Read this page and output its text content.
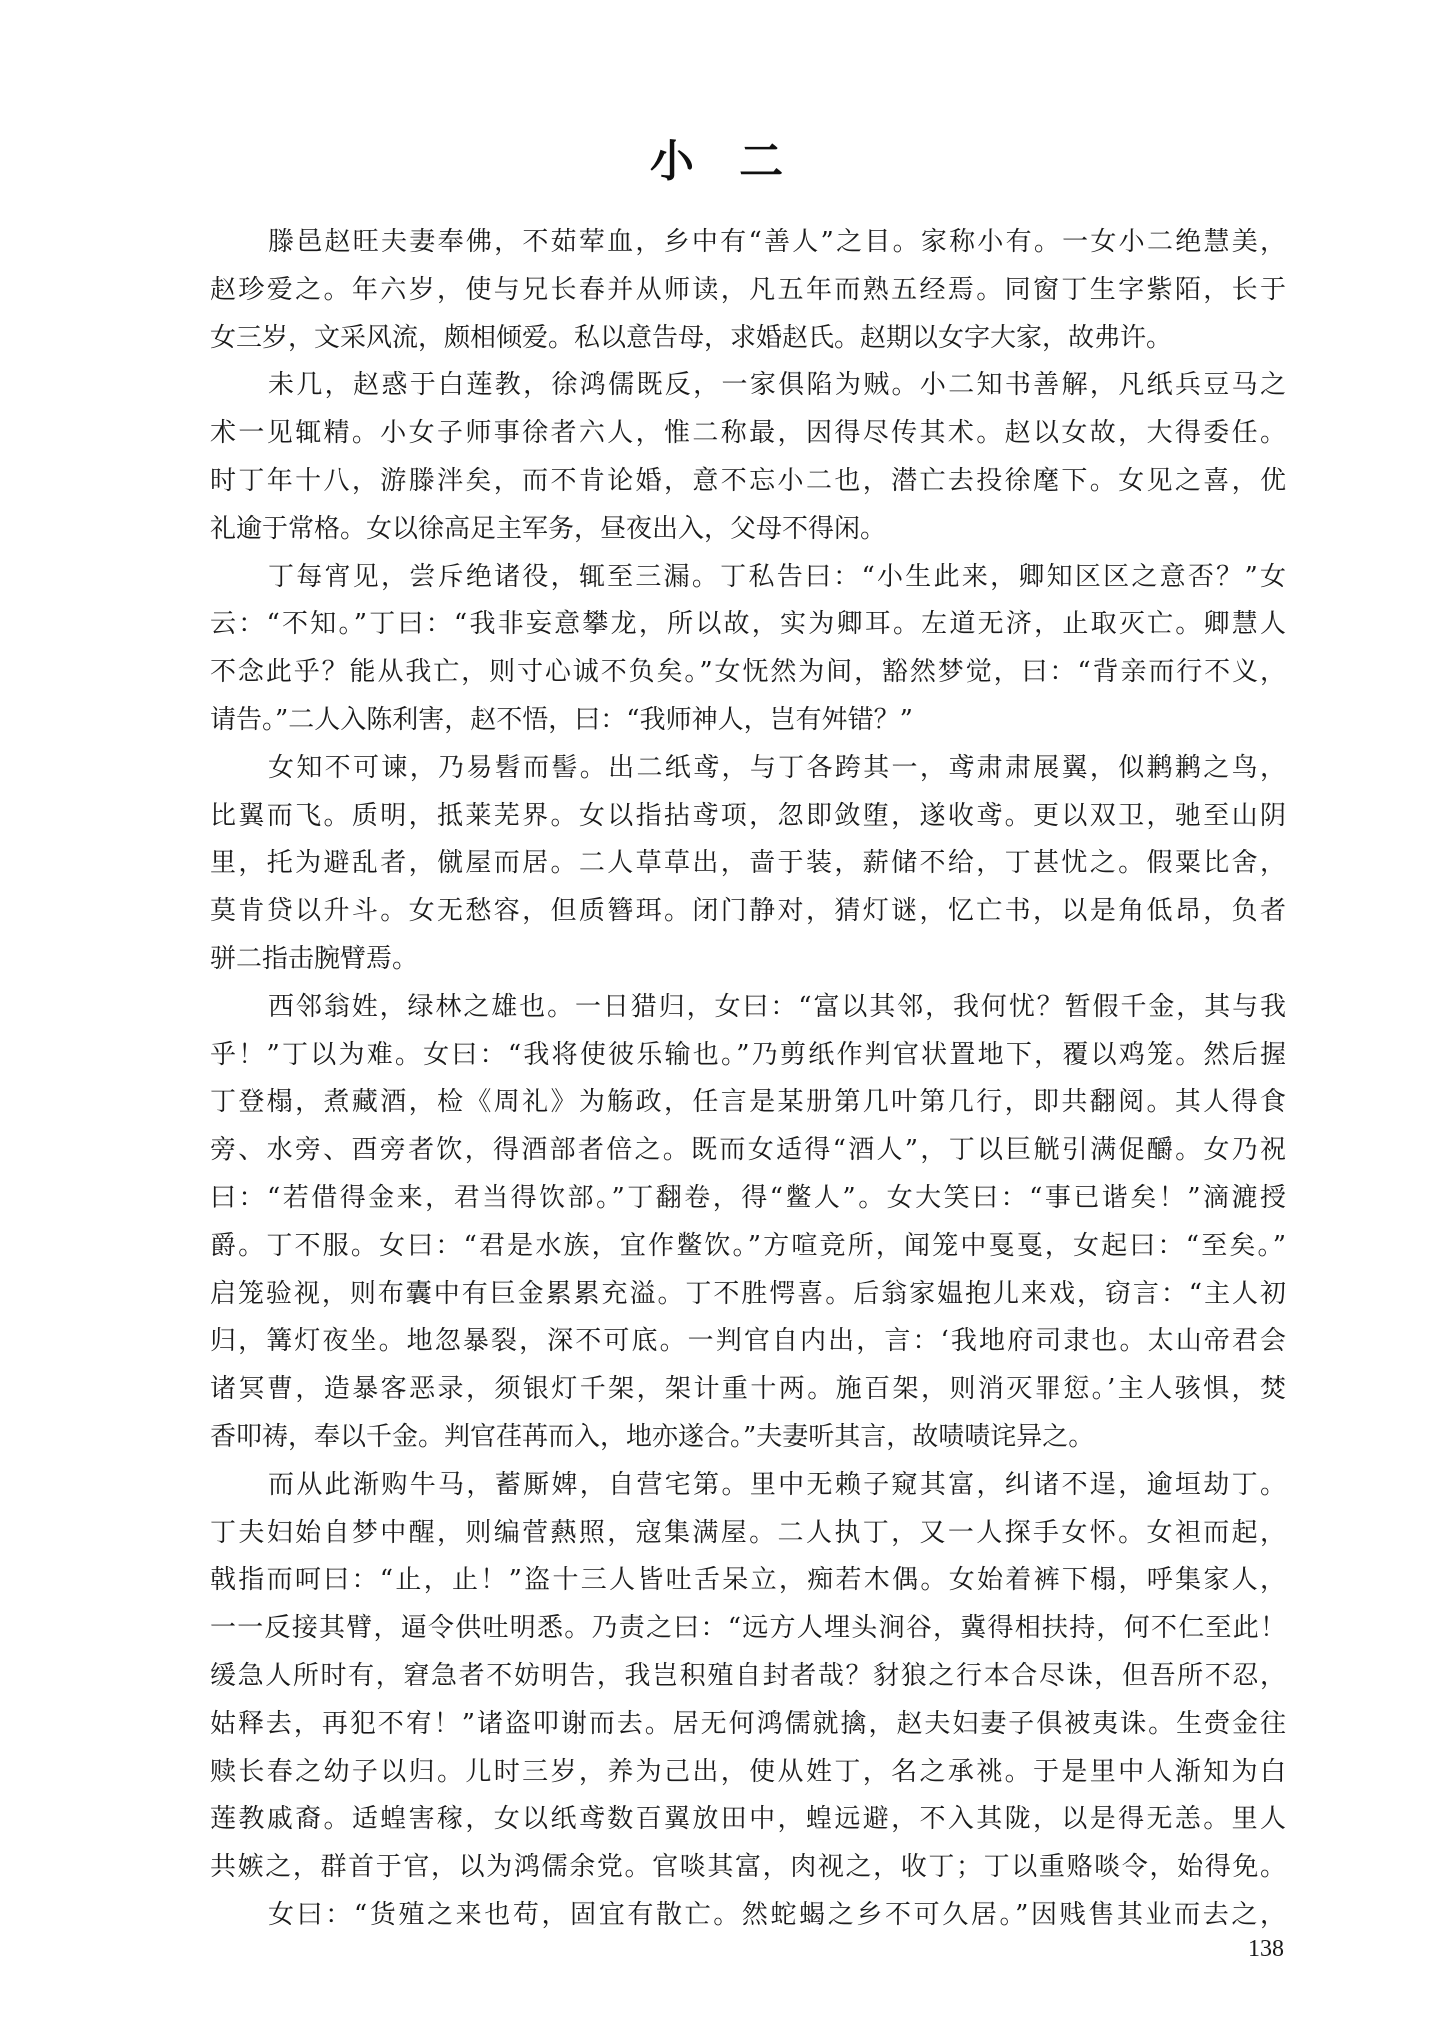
小 二
滕邑赵旺夫妻奉佛，不茹荤血，乡中有“善人”之目。家称小有。一女小二绝慧美，
赵珍爱之。年六岁，使与兄长春并从师读，凡五年而熟五经焉。同窗丁生字紫陌，长于
女三岁，文采风流，颇相倾爱。私以意告母，求婚赵氏。赵期以女字大家，故弗许。
未几，赵惑于白莲教，徐鸿儒既反，一家俱陷为贼。小二知书善解，凡纸兵豆马之
术一见辄精。小女子师事徐者六人，惟二称最，因得尽传其术。赵以女故，大得委任。
时丁年十八，游滕泮矣，而不肯论婚，意不忘小二也，潜亡去投徐麾下。女见之喜，优
礼逾于常格。女以徐高足主军务，昼夜出入，父母不得闲。
丁每宵见，尝斥绝诸役，辄至三漏。丁私告曰：“小生此来，卿知区区之意否？”女
云：“不知。”丁曰：“我非妄意攀龙，所以故，实为卿耳。左道无济，止取灭亡。卿慧人
不念此乎？能从我亡，则寸心诚不负矣。”女怃然为间，豁然梦觉，曰：“背亲而行不义，
请告。”二人入陈利害，赵不悟，曰：“我师神人，岂有舛错？”
女知不可谏，乃易髫而髻。出二纸鸢，与丁各跨其一，鸢肃肃展翼，似鹣鹣之鸟，
比翼而飞。质明，抵莱芜界。女以指拈鸢项，忽即敛堕，遂收鸢。更以双卫，驰至山阴
里，托为避乱者，僦屋而居。二人草草出，啬于装，薪储不给，丁甚忧之。假粟比舍，
莫肯贷以升斗。女无愁容，但质簪珥。闭门静对，猜灯谜，忆亡书，以是角低昂，负者
骈二指击腕臂焉。
西邻翁姓，绿林之雄也。一日猎归，女曰：“富以其邻，我何忧？暂假千金，其与我
乎！”丁以为难。女曰：“我将使彼乐输也。”乃剪纸作判官状置地下，覆以鸡笼。然后握
丁登榻，煮藏酒，检《周礼》为觞政，任言是某册第几叶第几行，即共翻阅。其人得食
旁、水旁、酉旁者饮，得酒部者倍之。既而女适得“酒人”，丁以巨觥引满促釂。女乃祝
曰：“若借得金来，君当得饮部。”丁翻卷，得“鳖人”。女大笑曰：“事已谐矣！”滴漉授
爵。丁不服。女曰：“君是水族，宜作鳖饮。”方喧竞所，闻笼中戛戛，女起曰：“至矣。”
启笼验视，则布囊中有巨金累累充溢。丁不胜愕喜。后翁家媪抱儿来戏，窃言：“主人初
归，篝灯夜坐。地忽暴裂，深不可底。一判官自内出，言：‘我地府司隶也。太山帝君会
诸冥曹，造暴客恶录，须银灯千架，架计重十两。施百架，则消灭罪愆。’主人骇惧，焚
香叩祷，奉以千金。判官荏苒而入，地亦遂合。”夫妻听其言，故啧啧诧异之。
而从此渐购牛马，蓄厮婢，自营宅第。里中无赖子窥其富，纠诸不逞，逾垣劫丁。
丁夫妇始自梦中醒，则编菅爇照，寇集满屋。二人执丁，又一人探手女怀。女袒而起，
戟指而呵曰：“止，止！”盗十三人皆吐舌呆立，痴若木偶。女始着裤下榻，呼集家人，
一一反接其臂，逼令供吐明悉。乃责之曰：“远方人埋头涧谷，冀得相扶持，何不仁至此！
缓急人所时有，窘急者不妨明告，我岂积殖自封者哉？豺狼之行本合尽诛，但吾所不忍，
姑释去，再犯不宥！”诸盗叩谢而去。居无何鸿儒就擒，赵夫妇妻子俱被夷诛。生赍金往
赎长春之幼子以归。儿时三岁，养为己出，使从姓丁，名之承祧。于是里中人渐知为白
莲教戚裔。适蝗害稼，女以纸鸢数百翼放田中，蝗远避，不入其陇，以是得无恙。里人
共嫉之，群首于官，以为鸿儒余党。官啖其富，肉视之，收丁；丁以重赂啖令，始得免。
女曰：“货殖之来也苟，固宜有散亡。然蛇蝎之乡不可久居。”因贱售其业而去之，
138
